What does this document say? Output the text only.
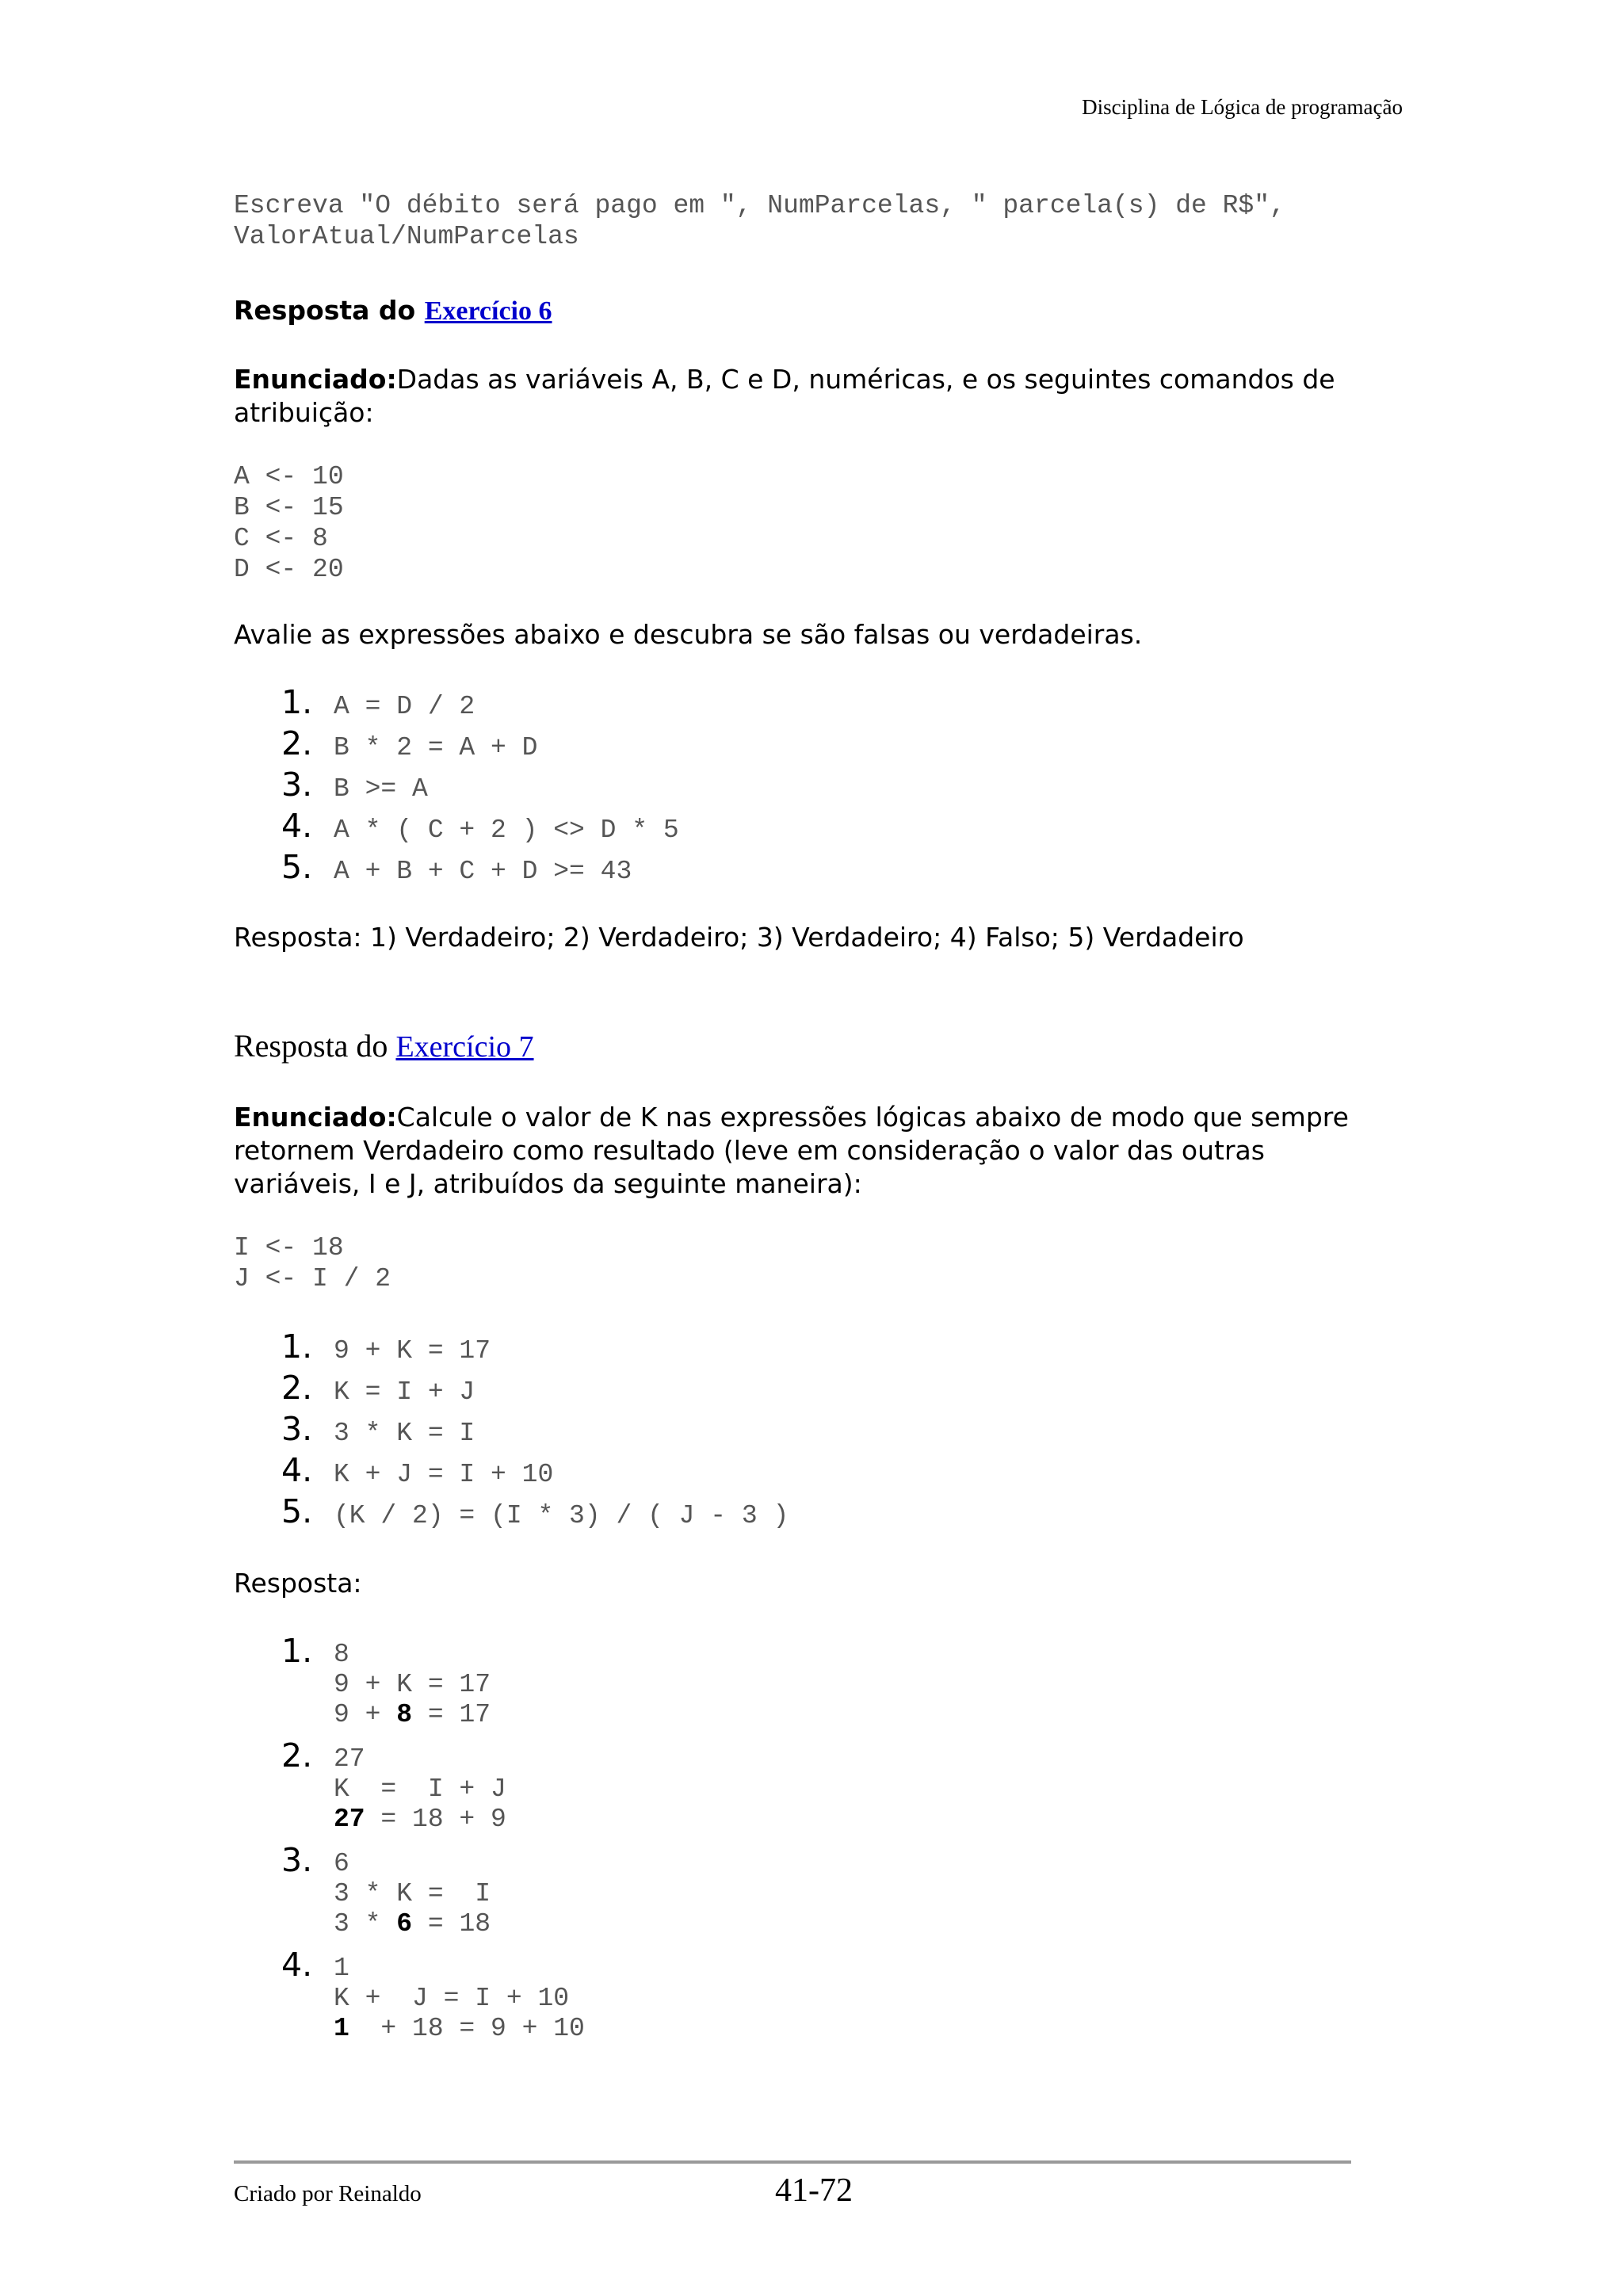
Disciplina de Lógica de programação

Escreva "O débito será pago em ", NumParcelas, " parcela(s) de R$",

ValorAtual/NumParcelas

Resposta do Exercício 6
Enunciado:Dadas as variáveis A, B, C e D, numéricas, e os seguintes comandos de atribuição:

A <- 10

B <- 15

C <- 8

D <- 20

Avalie as expressões abaixo e descubra se são falsas ou verdadeiras.
1. A = D / 2
2. B * 2 = A + D
3. B >= A
4. A * ( C + 2 ) <> D * 5
5. A + B + C + D >= 43
Resposta: 1) Verdadeiro; 2) Verdadeiro; 3) Verdadeiro; 4) Falso; 5) Verdadeiro
Resposta do Exercício 7
Enunciado:Calcule o valor de K nas expressões lógicas abaixo de modo que sempre retornem Verdadeiro como resultado (leve em consideração o valor das outras variáveis, I e J, atribuídos da seguinte maneira):

I <- 18

J <- I / 2

1. 9 + K = 17
2. K = I + J
3. 3 * K = I
4. K + J = I + 10
5. (K / 2) = (I * 3) / ( J - 3 )
Resposta:
1. 8

9 + K = 17

9 + 8 = 17

2. 27

K  =  I + J

27 = 18 + 9

3. 6

3 * K =  I

3 * 6 = 18

4. 1

K +  J = I + 10

1  + 18 = 9 + 10

Criado por Reinaldo	41-72
